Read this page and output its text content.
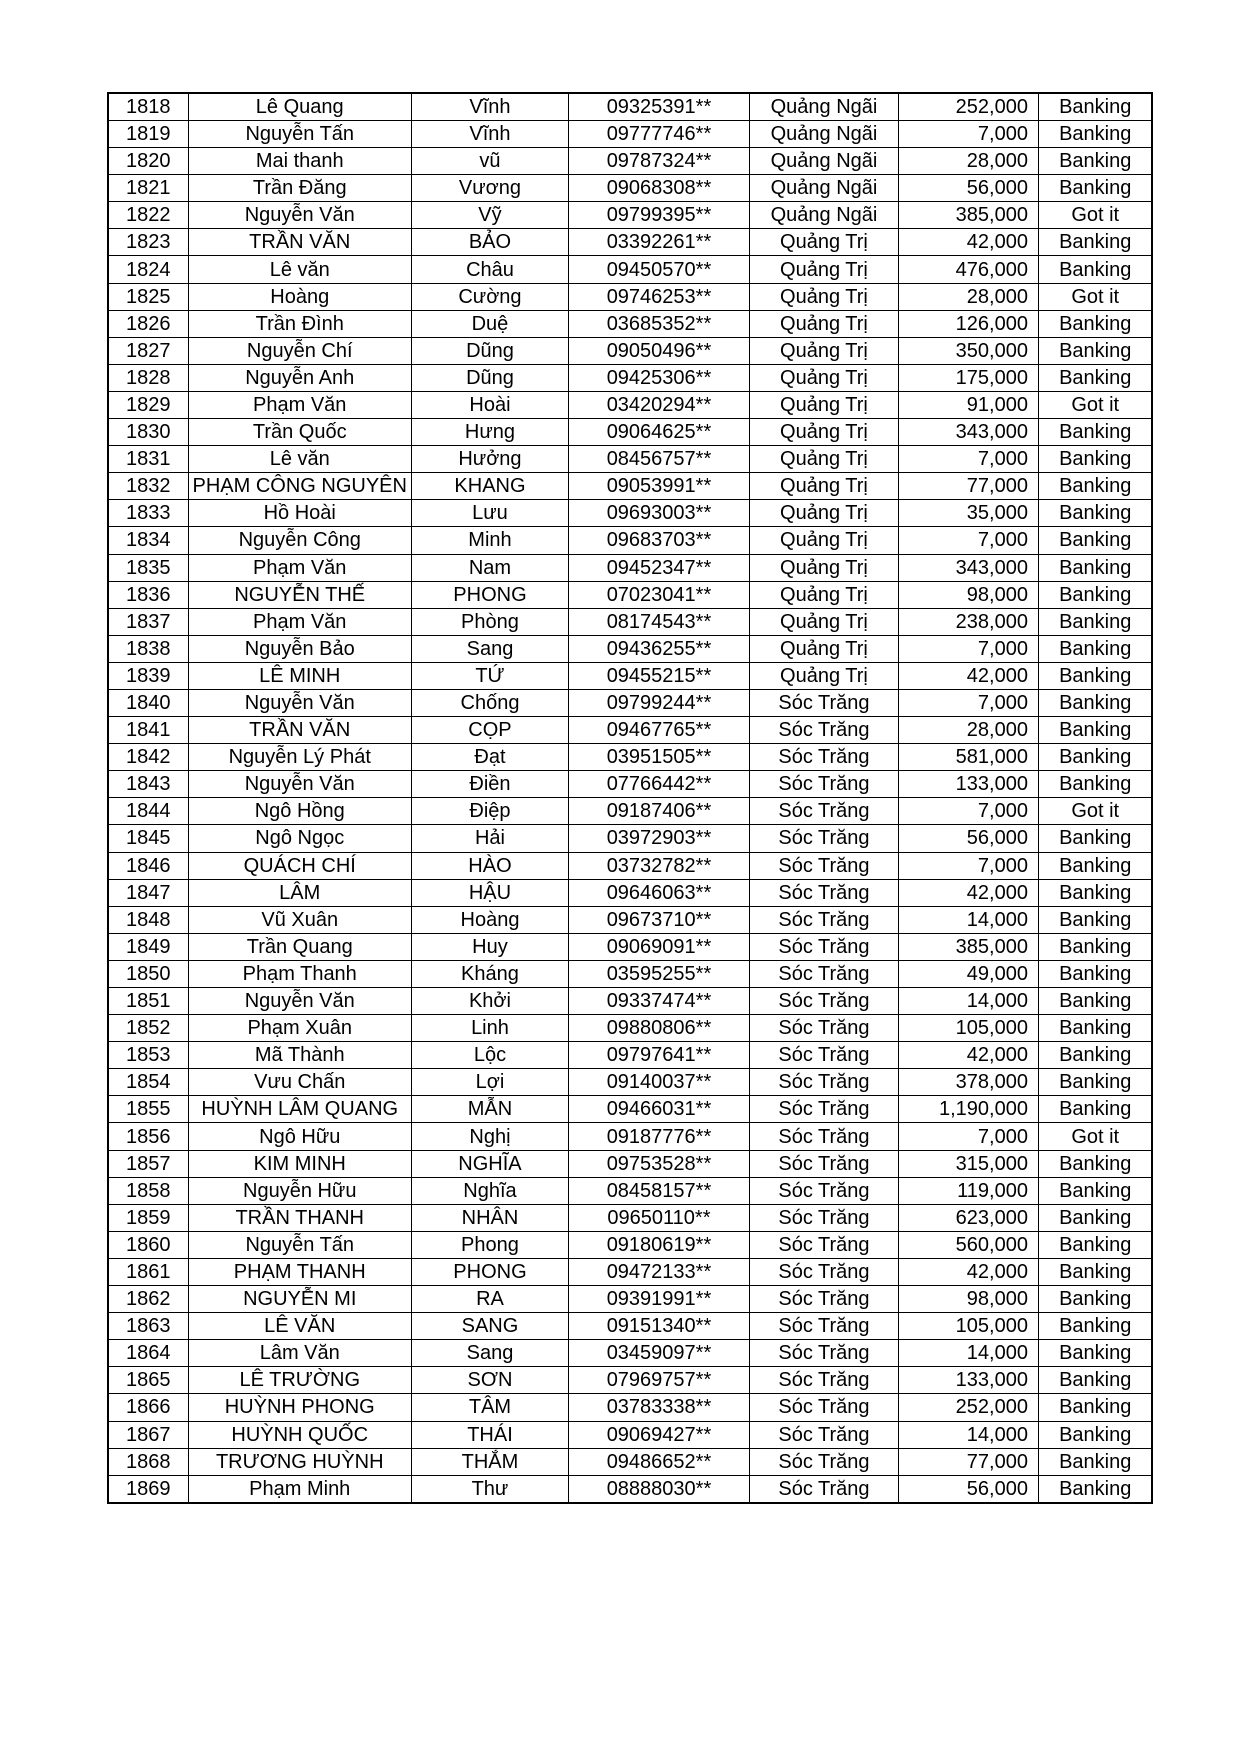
1818	Lê Quang	Vĩnh	09325391**	Quảng Ngãi	252,000	Banking
1819	Nguyễn Tấn	Vĩnh	09777746**	Quảng Ngãi	7,000	Banking
1820	Mai thanh	vũ	09787324**	Quảng Ngãi	28,000	Banking
1821	Trần Đăng	Vương	09068308**	Quảng Ngãi	56,000	Banking
1822	Nguyễn Văn	Vỹ	09799395**	Quảng Ngãi	385,000	Got it
1823	TRẦN VĂN	BẢO	03392261**	Quảng Trị	42,000	Banking
1824	Lê văn	Châu	09450570**	Quảng Trị	476,000	Banking
1825	Hoàng	Cường	09746253**	Quảng Trị	28,000	Got it
1826	Trần Đình	Duệ	03685352**	Quảng Trị	126,000	Banking
1827	Nguyễn Chí	Dũng	09050496**	Quảng Trị	350,000	Banking
1828	Nguyễn Anh	Dũng	09425306**	Quảng Trị	175,000	Banking
1829	Phạm Văn	Hoài	03420294**	Quảng Trị	91,000	Got it
1830	Trần Quốc	Hưng	09064625**	Quảng Trị	343,000	Banking
1831	Lê văn	Hưởng	08456757**	Quảng Trị	7,000	Banking
1832	PHẠM CÔNG NGUYÊN	KHANG	09053991**	Quảng Trị	77,000	Banking
1833	Hồ Hoài	Lưu	09693003**	Quảng Trị	35,000	Banking
1834	Nguyễn Công	Minh	09683703**	Quảng Trị	7,000	Banking
1835	Phạm Văn	Nam	09452347**	Quảng Trị	343,000	Banking
1836	NGUYỄN THẾ	PHONG	07023041**	Quảng Trị	98,000	Banking
1837	Phạm Văn	Phòng	08174543**	Quảng Trị	238,000	Banking
1838	Nguyễn Bảo	Sang	09436255**	Quảng Trị	7,000	Banking
1839	LÊ MINH	TỨ	09455215**	Quảng Trị	42,000	Banking
1840	Nguyễn Văn	Chống	09799244**	Sóc Trăng	7,000	Banking
1841	TRẦN VĂN	CỌP	09467765**	Sóc Trăng	28,000	Banking
1842	Nguyễn Lý Phát	Đạt	03951505**	Sóc Trăng	581,000	Banking
1843	Nguyễn Văn	Điền	07766442**	Sóc Trăng	133,000	Banking
1844	Ngô Hồng	Điệp	09187406**	Sóc Trăng	7,000	Got it
1845	Ngô Ngọc	Hải	03972903**	Sóc Trăng	56,000	Banking
1846	QUÁCH CHÍ	HÀO	03732782**	Sóc Trăng	7,000	Banking
1847	LÂM	HẬU	09646063**	Sóc Trăng	42,000	Banking
1848	Vũ Xuân	Hoàng	09673710**	Sóc Trăng	14,000	Banking
1849	Trần Quang	Huy	09069091**	Sóc Trăng	385,000	Banking
1850	Phạm Thanh	Kháng	03595255**	Sóc Trăng	49,000	Banking
1851	Nguyễn Văn	Khởi	09337474**	Sóc Trăng	14,000	Banking
1852	Phạm Xuân	Linh	09880806**	Sóc Trăng	105,000	Banking
1853	Mã Thành	Lộc	09797641**	Sóc Trăng	42,000	Banking
1854	Vưu Chấn	Lợi	09140037**	Sóc Trăng	378,000	Banking
1855	HUỲNH LÂM QUANG	MẪN	09466031**	Sóc Trăng	1,190,000	Banking
1856	Ngô Hữu	Nghị	09187776**	Sóc Trăng	7,000	Got it
1857	KIM MINH	NGHĨA	09753528**	Sóc Trăng	315,000	Banking
1858	Nguyễn Hữu	Nghĩa	08458157**	Sóc Trăng	119,000	Banking
1859	TRẦN THANH	NHÂN	09650110**	Sóc Trăng	623,000	Banking
1860	Nguyễn Tấn	Phong	09180619**	Sóc Trăng	560,000	Banking
1861	PHẠM THANH	PHONG	09472133**	Sóc Trăng	42,000	Banking
1862	NGUYỄN MI	RA	09391991**	Sóc Trăng	98,000	Banking
1863	LÊ VĂN	SANG	09151340**	Sóc Trăng	105,000	Banking
1864	Lâm Văn	Sang	03459097**	Sóc Trăng	14,000	Banking
1865	LÊ TRƯỜNG	SƠN	07969757**	Sóc Trăng	133,000	Banking
1866	HUỲNH PHONG	TÂM	03783338**	Sóc Trăng	252,000	Banking
1867	HUỲNH QUỐC	THÁI	09069427**	Sóc Trăng	14,000	Banking
1868	TRƯƠNG HUỲNH	THẮM	09486652**	Sóc Trăng	77,000	Banking
1869	Phạm Minh	Thư	08888030**	Sóc Trăng	56,000	Banking
